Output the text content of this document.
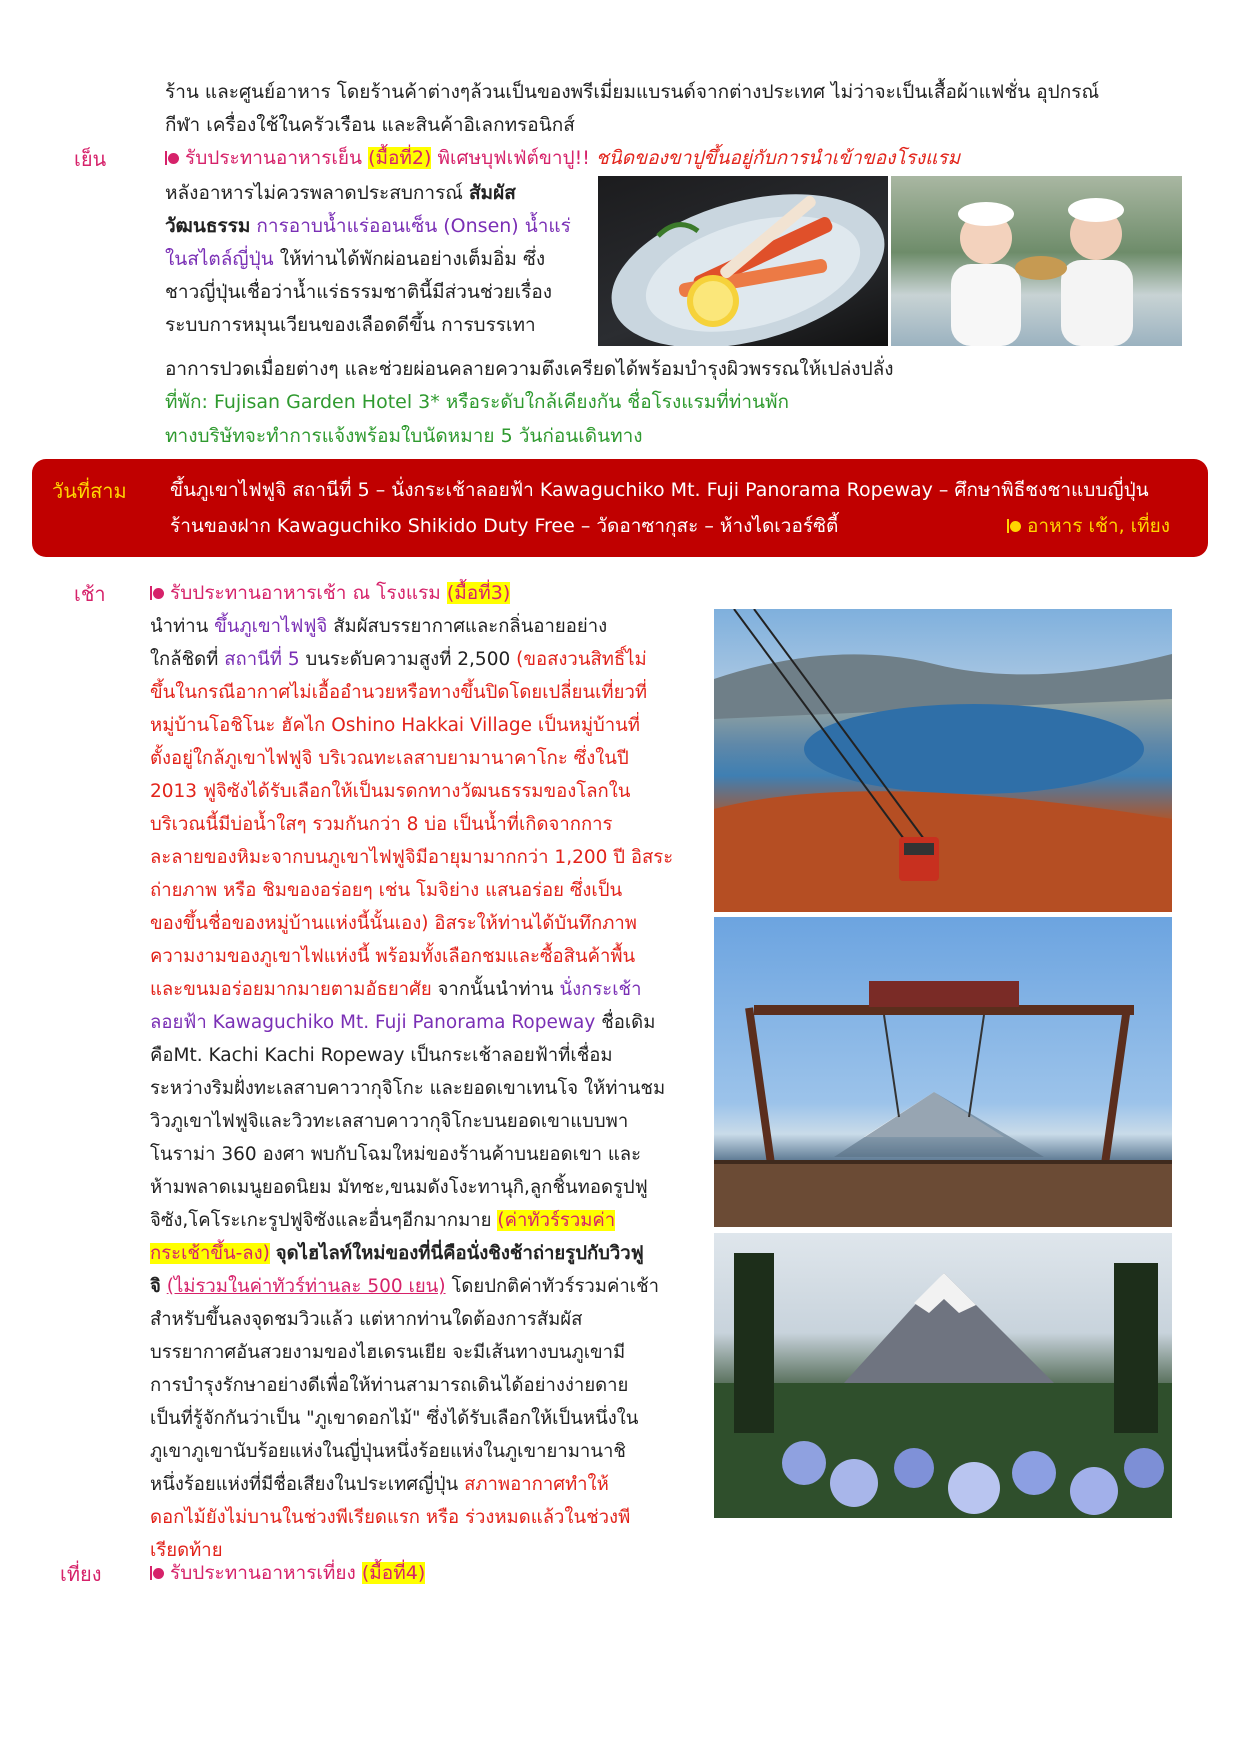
ร้าน และศูนย์อาหาร โดยร้านค้าต่างๆล้วนเป็นของพรีเมี่ยมแบรนด์จากต่างประเทศ ไม่ว่าจะเป็นเสื้อผ้าแฟชั่น อุปกรณ์
กีฬา เครื่องใช้ในครัวเรือน และสินค้าอิเลกทรอนิกส์
เย็น	รับประทานอาหารเย็น (มื้อที่2) พิเศษบุฟเฟ่ต์ขาปู!! ชนิดของขาปูขึ้นอยู่กับการนำเข้าของโรงแรม
หลังอาหารไม่ควรพลาดประสบการณ์ สัมผัส
วัฒนธรรม การอาบน้ำแร่ออนเซ็น (Onsen) น้ำแร่
ในสไตล์ญี่ปุ่น ให้ท่านได้พักผ่อนอย่างเต็มอิ่ม ซึ่ง
ชาวญี่ปุ่นเชื่อว่าน้ำแร่ธรรมชาตินี้มีส่วนช่วยเรื่อง
ระบบการหมุนเวียนของเลือดดีขึ้น การบรรเทา
อาการปวดเมื่อยต่างๆ และช่วยผ่อนคลายความตึงเครียดได้พร้อมบำรุงผิวพรรณให้เปล่งปลั่ง
ที่พัก: Fujisan Garden Hotel 3* หรือระดับใกล้เคียงกัน ชื่อโรงแรมที่ท่านพัก
ทางบริษัทจะทำการแจ้งพร้อมใบนัดหมาย 5 วันก่อนเดินทาง
วันที่สาม ขึ้นภูเขาไฟฟูจิ สถานีที่ 5 – นั่งกระเช้าลอยฟ้า Kawaguchiko Mt. Fuji Panorama Ropeway – ศึกษาพิธีชงชาแบบญี่ปุ่น
ร้านของฝาก Kawaguchiko Shikido Duty Free – วัดอาซากุสะ – ห้างไดเวอร์ซิตี้	อาหาร เช้า, เที่ยง
เช้า	รับประทานอาหารเช้า ณ โรงแรม (มื้อที่3)
นำท่าน ขึ้นภูเขาไฟฟูจิ สัมผัสบรรยากาศและกลิ่นอายอย่าง
ใกล้ชิดที่ สถานีที่ 5 บนระดับความสูงที่ 2,500 (ขอสงวนสิทธิ์ไม่
ขึ้นในกรณีอากาศไม่เอื้ออำนวยหรือทางขึ้นปิดโดยเปลี่ยนเที่ยวที่
หมู่บ้านโอชิโนะ ฮัคไก Oshino Hakkai Village เป็นหมู่บ้านที่
ตั้งอยู่ใกล้ภูเขาไฟฟูจิ บริเวณทะเลสาบยามานาคาโกะ ซึ่งในปี
2013 ฟูจิซังได้รับเลือกให้เป็นมรดกทางวัฒนธรรมของโลกใน
บริเวณนี้มีบ่อน้ำใสๆ รวมกันกว่า 8 บ่อ เป็นน้ำที่เกิดจากการ
ละลายของหิมะจากบนภูเขาไฟฟูจิมีอายุมามากกว่า 1,200 ปี อิสระ
ถ่ายภาพ หรือ ชิมของอร่อยๆ เช่น โมจิย่าง แสนอร่อย ซึ่งเป็น
ของขึ้นชื่อของหมู่บ้านแห่งนี้นั้นเอง) อิสระให้ท่านได้บันทึกภาพ
ความงามของภูเขาไฟแห่งนี้ พร้อมทั้งเลือกชมและซื้อสินค้าพื้น
และขนมอร่อยมากมายตามอัธยาศัย จากนั้นนำท่าน นั่งกระเช้า
ลอยฟ้า Kawaguchiko Mt. Fuji Panorama Ropeway ชื่อเดิม
คือMt. Kachi Kachi Ropeway เป็นกระเช้าลอยฟ้าที่เชื่อม
ระหว่างริมฝั่งทะเลสาบคาวากุจิโกะ และยอดเขาเทนโจ ให้ท่านชม
วิวภูเขาไฟฟูจิและวิวทะเลสาบคาวากุจิโกะบนยอดเขาแบบพา
โนราม่า 360 องศา พบกับโฉมใหม่ของร้านค้าบนยอดเขา และ
ห้ามพลาดเมนูยอดนิยม มัทชะ,ขนมดังโงะทานุกิ,ลูกชิ้นทอดรูปฟู
จิซัง,โคโระเกะรูปฟูจิซังและอื่นๆอีกมากมาย (ค่าทัวร์รวมค่า
กระเช้าขึ้น-ลง) จุดไฮไลท์ใหม่ของที่นี่คือนั่งชิงช้าถ่ายรูปกับวิวฟู
จิ (ไม่รวมในค่าทัวร์ท่านละ 500 เยน) โดยปกติค่าทัวร์รวมค่าเช้า
สำหรับขึ้นลงจุดชมวิวแล้ว แต่หากท่านใดต้องการสัมผัส
บรรยากาศอันสวยงามของไฮเดรนเยีย จะมีเส้นทางบนภูเขามี
การบำรุงรักษาอย่างดีเพื่อให้ท่านสามารถเดินได้อย่างง่ายดาย
เป็นที่รู้จักกันว่าเป็น "ภูเขาดอกไม้" ซึ่งได้รับเลือกให้เป็นหนึ่งใน
ภูเขาภูเขานับร้อยแห่งในญี่ปุ่นหนึ่งร้อยแห่งในภูเขายามานาชิ
หนึ่งร้อยแห่งที่มีชื่อเสียงในประเทศญี่ปุ่น สภาพอากาศทำให้
ดอกไม้ยังไม่บานในช่วงพีเรียดแรก หรือ ร่วงหมดแล้วในช่วงพี
เรียดท้าย
เที่ยง	รับประทานอาหารเที่ยง (มื้อที่4)
